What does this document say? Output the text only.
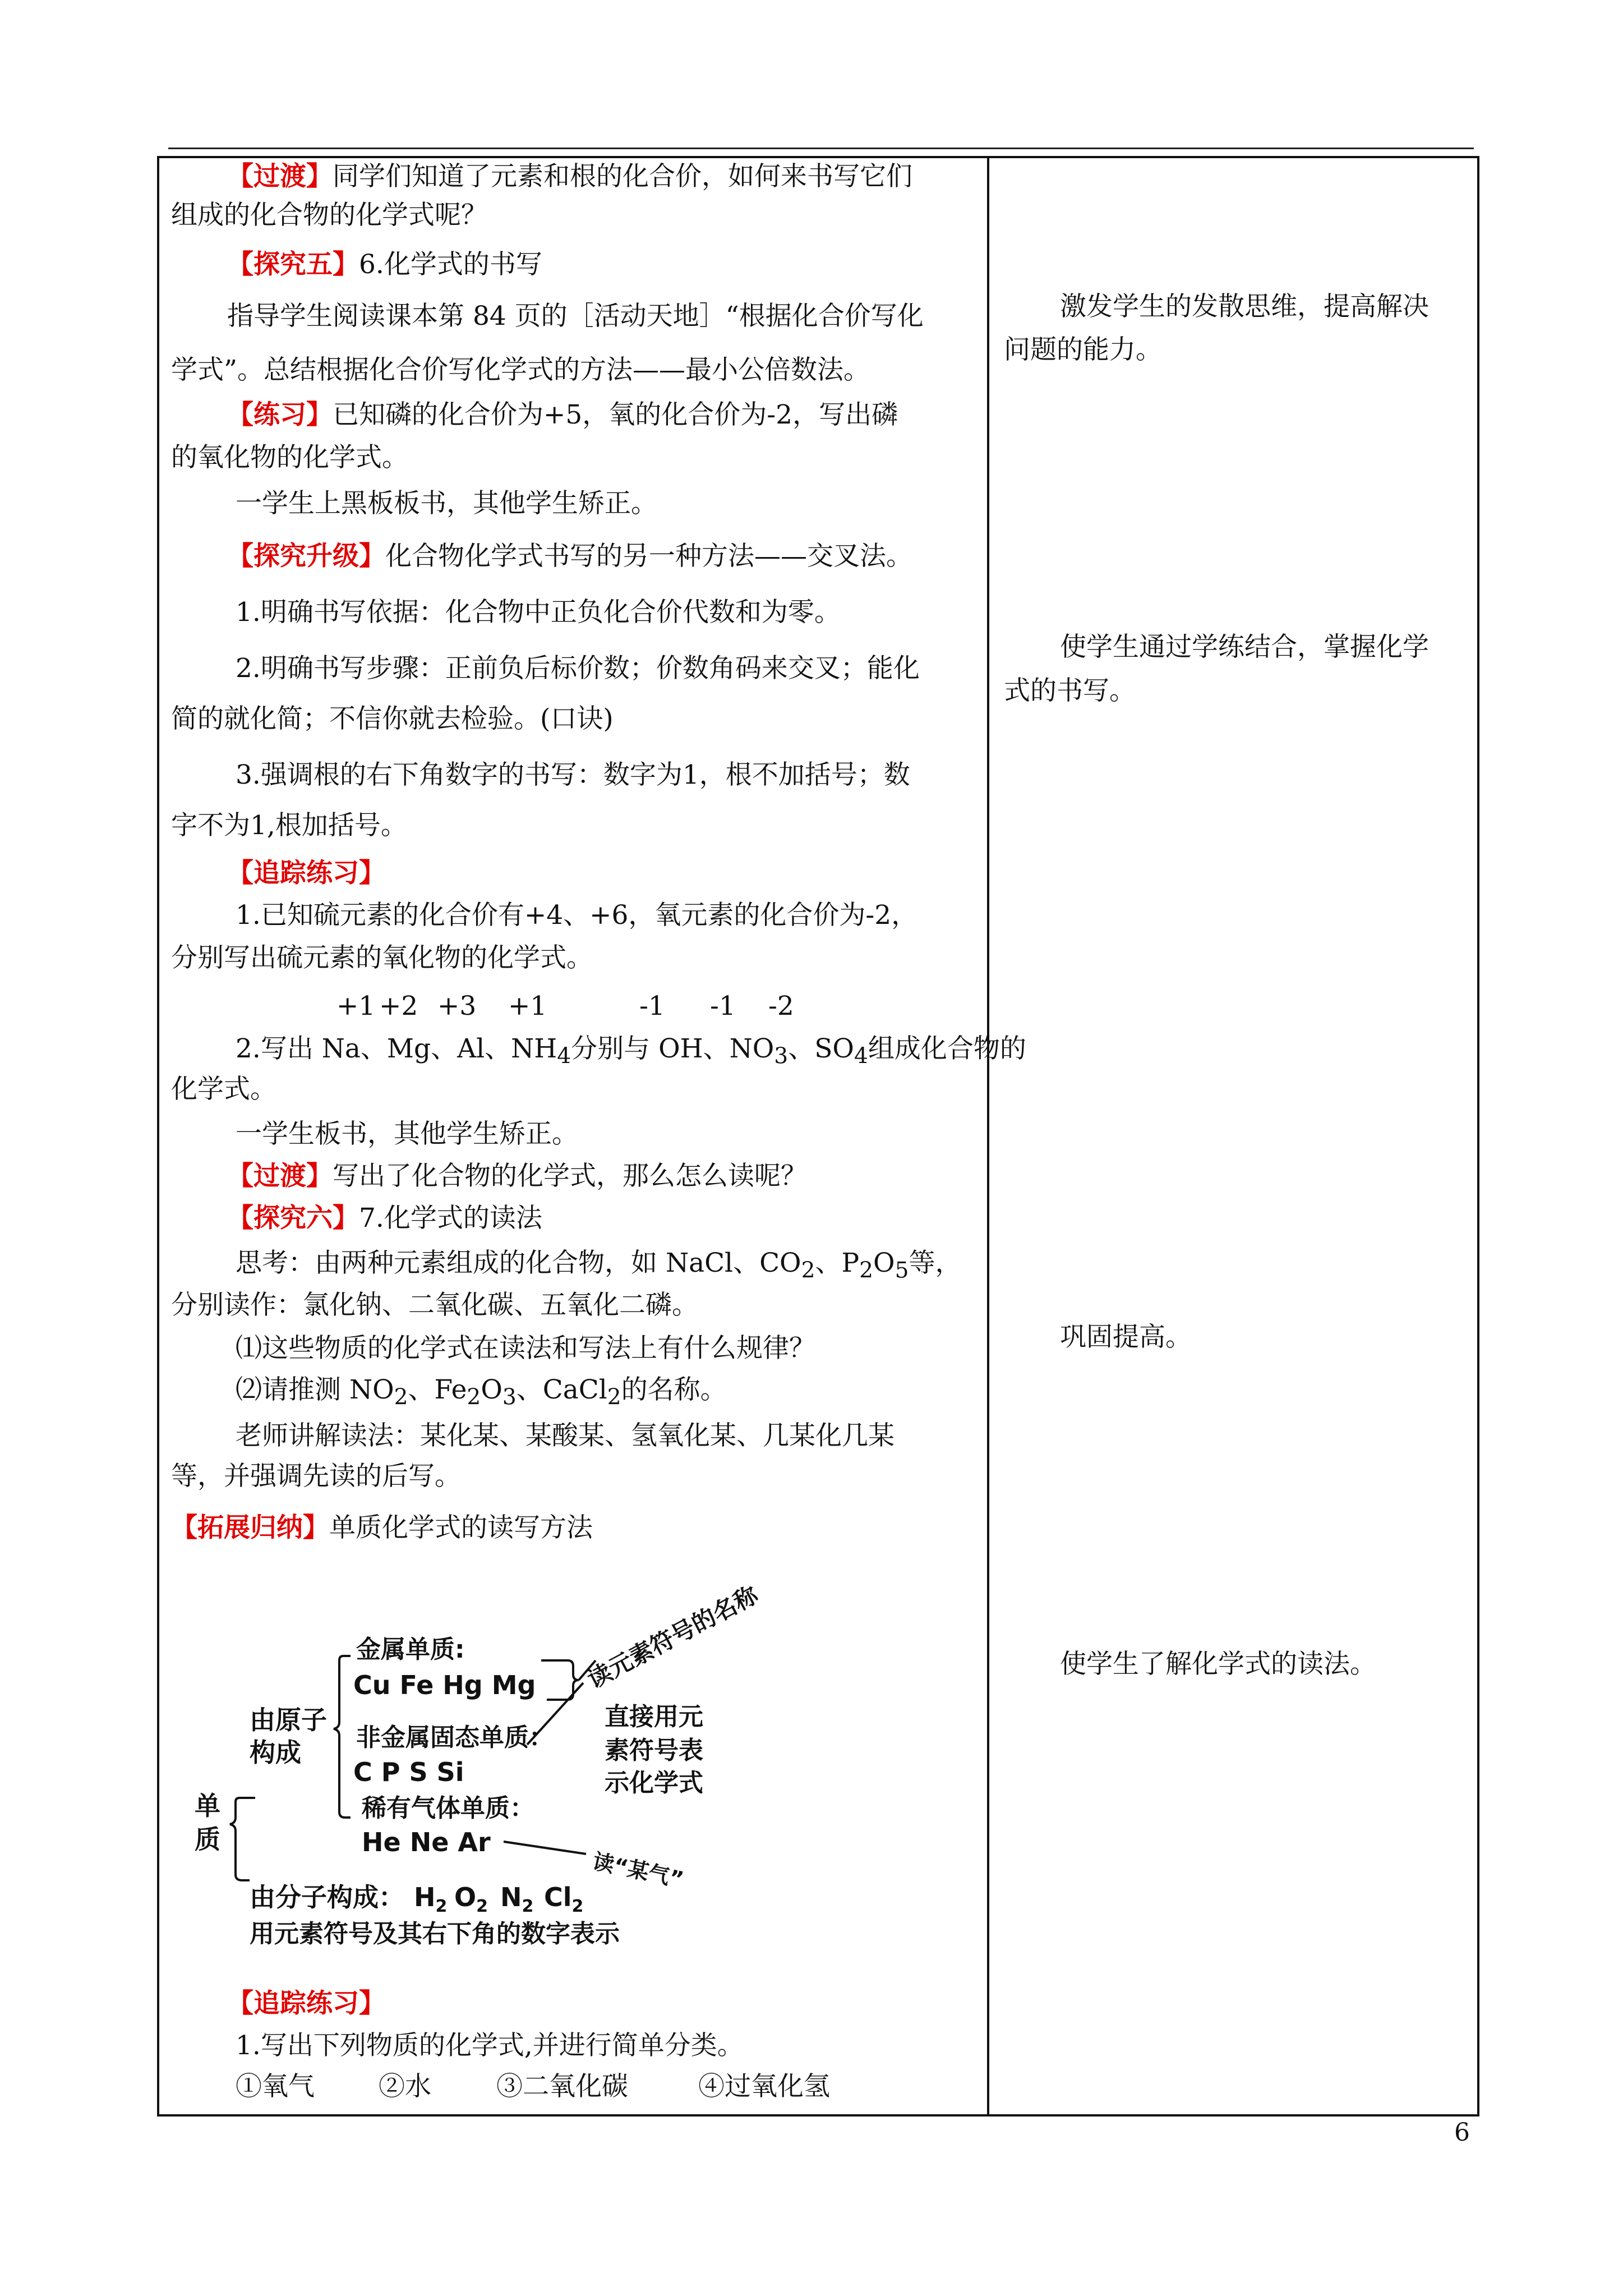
【过渡】同学们知道了元素和根的化合价，如何来书写它们
组成的化合物的化学式呢？
【探究五】6.化学式的书写
指导学生阅读课本第 84 页的［活动天地］“根据化合价写化
学式”。总结根据化合价写化学式的方法——最小公倍数法。
【练习】已知磷的化合价为+5，氧的化合价为-2，写出磷
的氧化物的化学式。
一学生上黑板板书，其他学生矫正。
【探究升级】化合物化学式书写的另一种方法——交叉法。
1.明确书写依据：化合物中正负化合价代数和为零。
2.明确书写步骤：正前负后标价数；价数角码来交叉；能化
简的就化简；不信你就去检验。(口诀)
3.强调根的右下角数字的书写：数字为1，根不加括号；数
字不为1,根加括号。
【追踪练习】
1.已知硫元素的化合价有+4、+6，氧元素的化合价为-2，
分别写出硫元素的氧化物的化学式。
+1 +2 +3 +1	-1 -1 -2
2.写出 Na、Mg、Al、$NH_4$分别与 OH、$NO_3$、$SO_4$组成化合物的
化学式。
一学生板书，其他学生矫正。
【过渡】写出了化合物的化学式，那么怎么读呢？
【探究六】7.化学式的读法
思考：由两种元素组成的化合物，如 NaCl、$CO_2$、$P_2O_5$等，
分别读作：氯化钠、二氧化碳、五氧化二磷。
⑴这些物质的化学式在读法和写法上有什么规律？
⑵请推测 $NO_2$、$Fe_2O_3$、CaCl$_2$的名称。
老师讲解读法：某化某、某酸某、氢氧化某、几某化几某
等，并强调先读的后写。
【拓展归纳】单质化学式的读写方法
单
质
由原子
构成
金属单质:
Cu Fe Hg Mg
非金属固态单质：
C P S Si
稀有气体单质：
He Ne Ar
读元素符号的名称
直接用元
素符号表
示化学式
读“某气”
由分子构成： $H_2$ $O_2$ $N_2$ $Cl_2$
用元素符号及其右下角的数字表示
【追踪练习】
1.写出下列物质的化学式,并进行简单分类。
①氧气 ②水 ③二氧化碳	④过氧化氢
激发学生的发散思维，提高解决
问题的能力。
使学生通过学练结合，掌握化学
式的书写。
巩固提高。
使学生了解化学式的读法。
6
